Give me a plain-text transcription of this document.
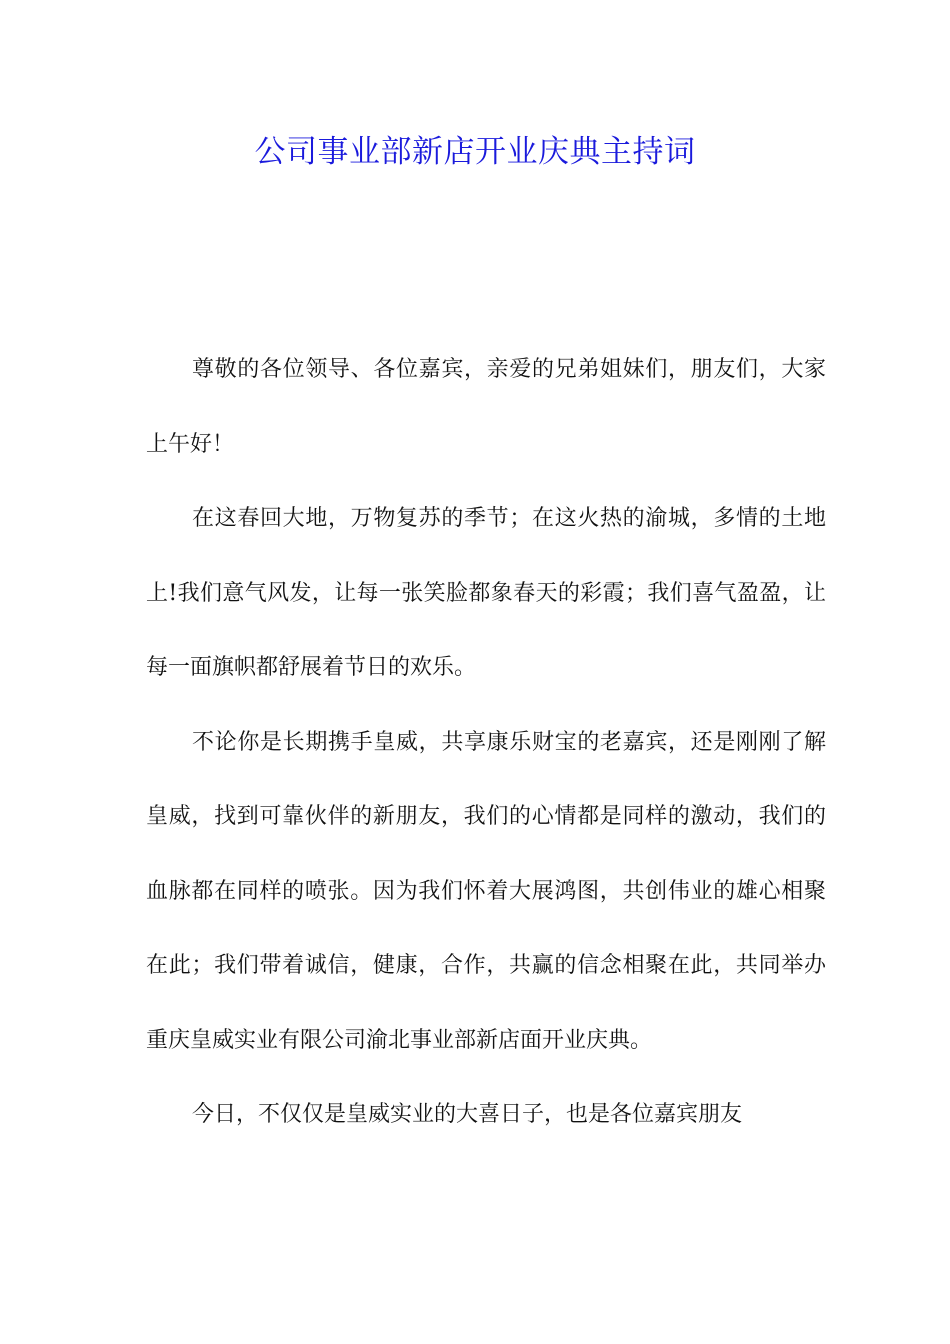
公司事业部新店开业庆典主持词

尊敬的各位领导、各位嘉宾，亲爱的兄弟姐妹们，朋友们，大家上午好！

在这春回大地，万物复苏的季节；在这火热的渝城，多情的土地上!我们意气风发，让每一张笑脸都象春天的彩霞；我们喜气盈盈，让每一面旗帜都舒展着节日的欢乐。

不论你是长期携手皇威，共享康乐财宝的老嘉宾，还是刚刚了解皇威，找到可靠伙伴的新朋友，我们的心情都是同样的激动，我们的血脉都在同样的喷张。因为我们怀着大展鸿图，共创伟业的雄心相聚在此；我们带着诚信，健康，合作，共赢的信念相聚在此，共同举办重庆皇威实业有限公司渝北事业部新店面开业庆典。

今日，不仅仅是皇威实业的大喜日子，也是各位嘉宾朋友
